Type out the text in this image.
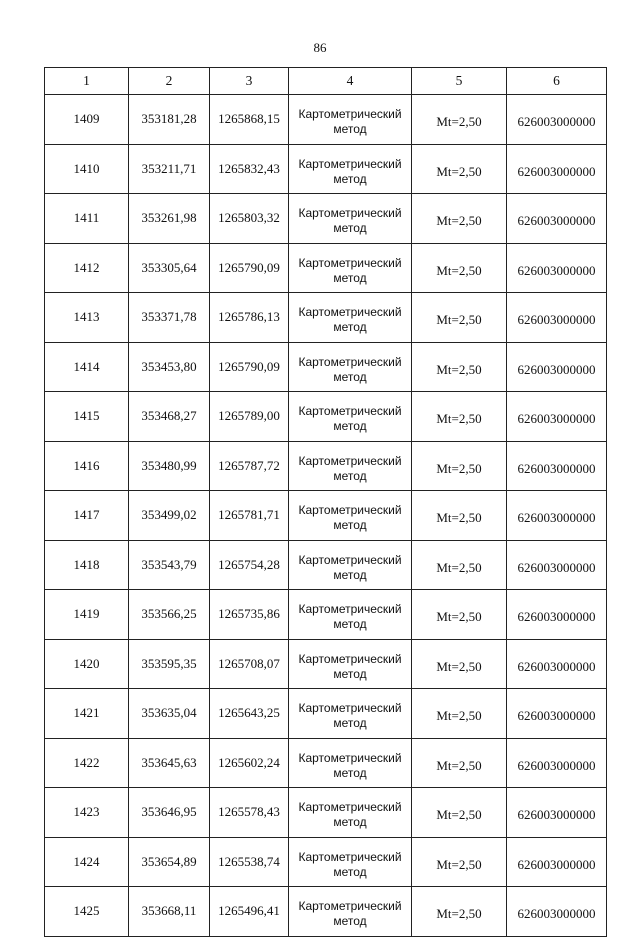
86
1	2	3	4	5	6
1409	353181,28	1265868,15	Картометрический метод	Mt=2,50	626003000000
1410	353211,71	1265832,43	Картометрический метод	Mt=2,50	626003000000
1411	353261,98	1265803,32	Картометрический метод	Mt=2,50	626003000000
1412	353305,64	1265790,09	Картометрический метод	Mt=2,50	626003000000
1413	353371,78	1265786,13	Картометрический метод	Mt=2,50	626003000000
1414	353453,80	1265790,09	Картометрический метод	Mt=2,50	626003000000
1415	353468,27	1265789,00	Картометрический метод	Mt=2,50	626003000000
1416	353480,99	1265787,72	Картометрический метод	Mt=2,50	626003000000
1417	353499,02	1265781,71	Картометрический метод	Mt=2,50	626003000000
1418	353543,79	1265754,28	Картометрический метод	Mt=2,50	626003000000
1419	353566,25	1265735,86	Картометрический метод	Mt=2,50	626003000000
1420	353595,35	1265708,07	Картометрический метод	Mt=2,50	626003000000
1421	353635,04	1265643,25	Картометрический метод	Mt=2,50	626003000000
1422	353645,63	1265602,24	Картометрический метод	Mt=2,50	626003000000
1423	353646,95	1265578,43	Картометрический метод	Mt=2,50	626003000000
1424	353654,89	1265538,74	Картометрический метод	Mt=2,50	626003000000
1425	353668,11	1265496,41	Картометрический метод	Mt=2,50	626003000000
